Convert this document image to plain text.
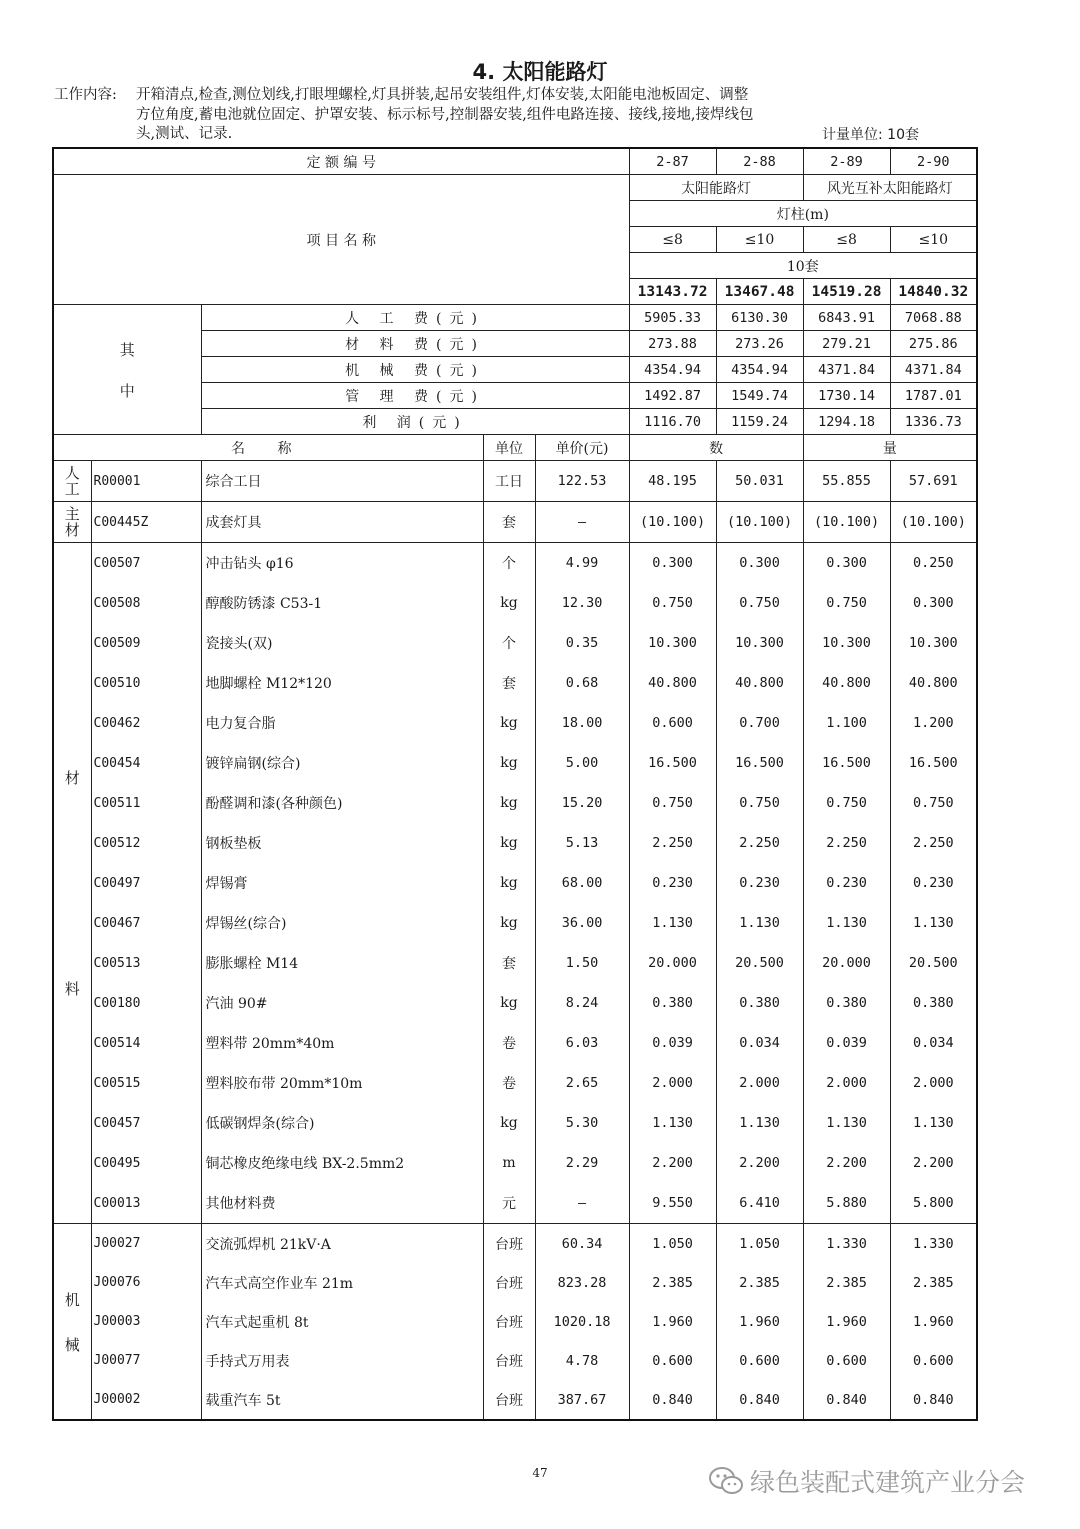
4. 太阳能路灯
工作内容: 开箱清点,检查,测位划线,打眼埋螺栓,灯具拼装,起吊安装组件,灯体安装,太阳能电池板固定、调整方位角度,蓄电池就位固定、护罩安装、标示标号,控制器安装,组件电路连接、接线,接地,接焊线包头,测试、记录.	计量单位: 10套
定 额 编 号					2-87	2-88	2-89	2-90
项 目 名 称					太阳能路灯		风光互补太阳能路灯	
					灯柱(m)			
					≤8	≤10	≤8	≤10
					10套			
					13143.72	13467.48	14519.28	14840.32

其
中		人 工 费(元)			5905.33	6130.30	6843.91	7068.88
		材 料 费(元)			273.88	273.26	279.21	275.86
		机 械 费(元)			4354.94	4354.94	4371.84	4371.84
		管 理 费(元)			1492.87	1549.74	1730.14	1787.01
		利 润(元)			1116.70	1159.24	1294.18	1336.73
名 称			单位	单价(元)	数		量	

人
工	R00001	综合工日	工日	122.53	48.195	50.031	55.855	57.691

主
材	C00445Z	成套灯具	套	—	(10.100)	(10.100)	(10.100)	(10.100)

材
料	C00507	冲击钻头 φ16	个	4.99	0.300	0.300	0.300	0.250
	C00508	醇酸防锈漆 C53-1	kg	12.30	0.750	0.750	0.750	0.300
	C00509	瓷接头(双)	个	0.35	10.300	10.300	10.300	10.300
	C00510	地脚螺栓 M12*120	套	0.68	40.800	40.800	40.800	40.800
	C00462	电力复合脂	kg	18.00	0.600	0.700	1.100	1.200
	C00454	镀锌扁钢(综合)	kg	5.00	16.500	16.500	16.500	16.500
	C00511	酚醛调和漆(各种颜色)	kg	15.20	0.750	0.750	0.750	0.750
	C00512	钢板垫板	kg	5.13	2.250	2.250	2.250	2.250
	C00497	焊锡膏	kg	68.00	0.230	0.230	0.230	0.230
	C00467	焊锡丝(综合)	kg	36.00	1.130	1.130	1.130	1.130
	C00513	膨胀螺栓 M14	套	1.50	20.000	20.500	20.000	20.500
	C00180	汽油 90#	kg	8.24	0.380	0.380	0.380	0.380
	C00514	塑料带 20mm*40m	卷	6.03	0.039	0.034	0.039	0.034
	C00515	塑料胶布带 20mm*10m	卷	2.65	2.000	2.000	2.000	2.000
	C00457	低碳钢焊条(综合)	kg	5.30	1.130	1.130	1.130	1.130
	C00495	铜芯橡皮绝缘电线 BX-2.5mm2	m	2.29	2.200	2.200	2.200	2.200
	C00013	其他材料费	元	—	9.550	6.410	5.880	5.800

机
械	J00027	交流弧焊机 21kV·A	台班	60.34	1.050	1.050	1.330	1.330
	J00076	汽车式高空作业车 21m	台班	823.28	2.385	2.385	2.385	2.385
	J00003	汽车式起重机 8t	台班	1020.18	1.960	1.960	1.960	1.960
	J00077	手持式万用表	台班	4.78	0.600	0.600	0.600	0.600
	J00002	载重汽车 5t	台班	387.67	0.840	0.840	0.840	0.840
47	绿色装配式建筑产业分会
